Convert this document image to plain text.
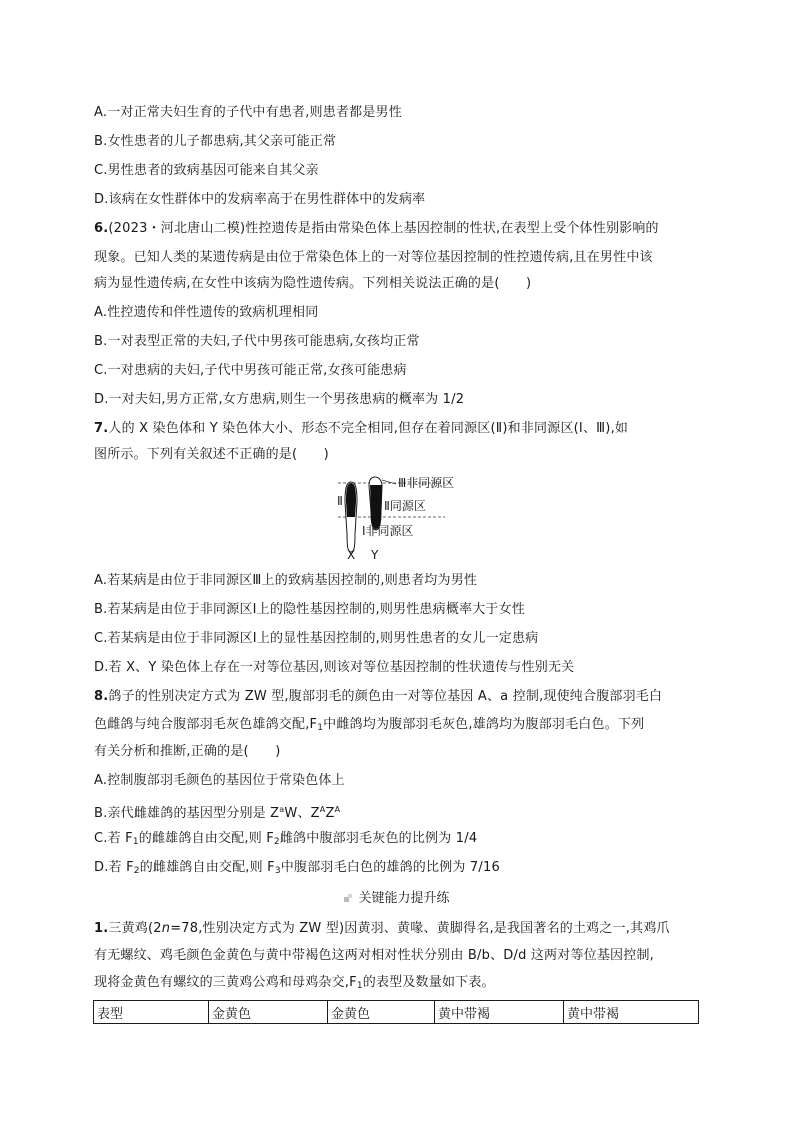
A.一对正常夫妇生育的子代中有患者,则患者都是男性
B.女性患者的儿子都患病,其父亲可能正常
C.男性患者的致病基因可能来自其父亲
D.该病在女性群体中的发病率高于在男性群体中的发病率
6.(2023・河北唐山二模)性控遗传是指由常染色体上基因控制的性状,在表型上受个体性别影响的
现象。已知人类的某遗传病是由位于常染色体上的一对等位基因控制的性控遗传病,且在男性中该
病为显性遗传病,在女性中该病为隐性遗传病。下列相关说法正确的是(　　)
A.性控遗传和伴性遗传的致病机理相同
B.一对表型正常的夫妇,子代中男孩可能患病,女孩均正常
C.一对患病的夫妇,子代中男孩可能正常,女孩可能患病
D.一对夫妇,男方正常,女方患病,则生一个男孩患病的概率为 1/2
7.人的 X 染色体和 Y 染色体大小、形态不完全相同,但存在着同源区(Ⅱ)和非同源区(Ⅰ、Ⅲ),如
图所示。下列有关叙述不正确的是(　　)
Ⅱ
Ⅲ非同源区
Ⅱ同源区
Ⅰ非同源区
X Y
A.若某病是由位于非同源区Ⅲ上的致病基因控制的,则患者均为男性
B.若某病是由位于非同源区Ⅰ上的隐性基因控制的,则男性患病概率大于女性
C.若某病是由位于非同源区Ⅰ上的显性基因控制的,则男性患者的女儿一定患病
D.若 X、Y 染色体上存在一对等位基因,则该对等位基因控制的性状遗传与性别无关
8.鸽子的性别决定方式为 ZW 型,腹部羽毛的颜色由一对等位基因 A、a 控制,现使纯合腹部羽毛白
色雌鸽与纯合腹部羽毛灰色雄鸽交配$,F_1$中雌鸽均为腹部羽毛灰色,雄鸽均为腹部羽毛白色。下列
有关分析和推断,正确的是(　　)
A.控制腹部羽毛颜色的基因位于常染色体上
B.亲代雌雄鸽的基因型分别是 $Z^aW$、$Z^AZ^A$
C.若 $F_1$的雌雄鸽自由交配,则 $F_2$雌鸽中腹部羽毛灰色的比例为 1/4
D.若 $F_2$的雌雄鸽自由交配,则 $F_3$中腹部羽毛白色的雄鸽的比例为 7/16
关键能力提升练
1.三黄鸡(2n=78,性别决定方式为 ZW 型)因黄羽、黄喙、黄脚得名,是我国著名的土鸡之一,其鸡爪
有无螺纹、鸡毛颜色金黄色与黄中带褐色这两对相对性状分别由 B/b、D/d 这两对等位基因控制,
现将金黄色有螺纹的三黄鸡公鸡和母鸡杂交$,F_1$的表型及数量如下表。
表型	金黄色	金黄色	黄中带褐	黄中带褐
